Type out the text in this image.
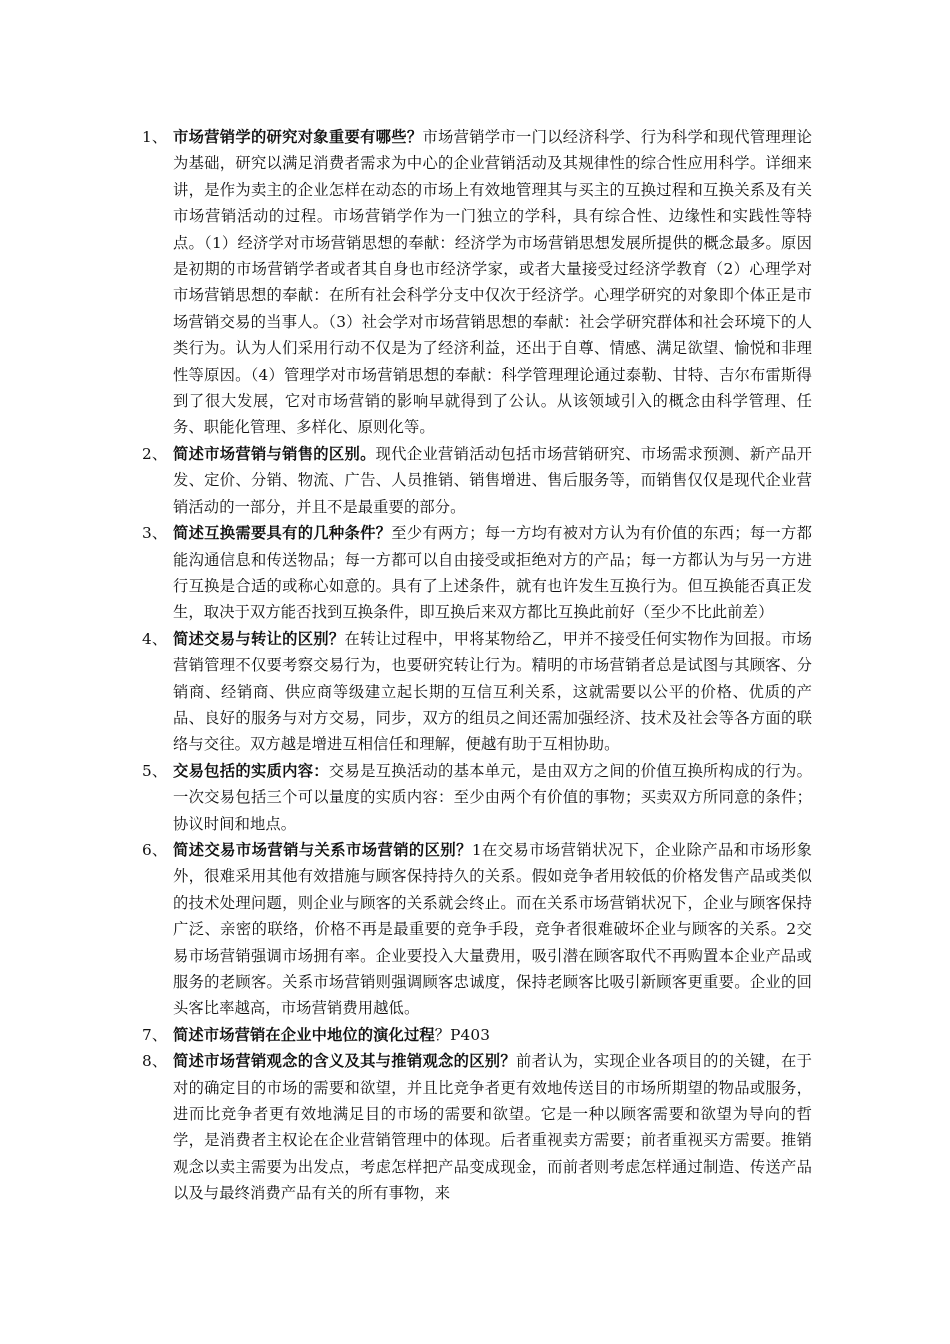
1、 市场营销学的研究对象重要有哪些？市场营销学市一门以经济科学、行为科学和现代管理理论为基础，研究以满足消费者需求为中心的企业营销活动及其规律性的综合性应用科学。详细来讲，是作为卖主的企业怎样在动态的市场上有效地管理其与买主的互换过程和互换关系及有关市场营销活动的过程。市场营销学作为一门独立的学科，具有综合性、边缘性和实践性等特点。（1）经济学对市场营销思想的奉献：经济学为市场营销思想发展所提供的概念最多。原因是初期的市场营销学者或者其自身也市经济学家，或者大量接受过经济学教育（2）心理学对市场营销思想的奉献：在所有社会科学分支中仅次于经济学。心理学研究的对象即个体正是市场营销交易的当事人。（3）社会学对市场营销思想的奉献：社会学研究群体和社会环境下的人类行为。认为人们采用行动不仅是为了经济利益，还出于自尊、情感、满足欲望、愉悦和非理性等原因。（4）管理学对市场营销思想的奉献：科学管理理论通过泰勒、甘特、吉尔布雷斯得到了很大发展，它对市场营销的影响早就得到了公认。从该领域引入的概念由科学管理、任务、职能化管理、多样化、原则化等。
2、 简述市场营销与销售的区别。现代企业营销活动包括市场营销研究、市场需求预测、新产品开发、定价、分销、物流、广告、人员推销、销售增进、售后服务等，而销售仅仅是现代企业营销活动的一部分，并且不是最重要的部分。
3、 简述互换需要具有的几种条件？至少有两方；每一方均有被对方认为有价值的东西；每一方都能沟通信息和传送物品；每一方都可以自由接受或拒绝对方的产品；每一方都认为与另一方进行互换是合适的或称心如意的。具有了上述条件，就有也许发生互换行为。但互换能否真正发生，取决于双方能否找到互换条件，即互换后来双方都比互换此前好（至少不比此前差）
4、 简述交易与转让的区别？在转让过程中，甲将某物给乙，甲并不接受任何实物作为回报。市场营销管理不仅要考察交易行为，也要研究转让行为。精明的市场营销者总是试图与其顾客、分销商、经销商、供应商等级建立起长期的互信互利关系，这就需要以公平的价格、优质的产品、良好的服务与对方交易，同步，双方的组员之间还需加强经济、技术及社会等各方面的联络与交往。双方越是增进互相信任和理解，便越有助于互相协助。
5、 交易包括的实质内容：交易是互换活动的基本单元，是由双方之间的价值互换所构成的行为。一次交易包括三个可以量度的实质内容：至少由两个有价值的事物；买卖双方所同意的条件；协议时间和地点。
6、 简述交易市场营销与关系市场营销的区别？1在交易市场营销状况下，企业除产品和市场形象外，很难采用其他有效措施与顾客保持持久的关系。假如竞争者用较低的价格发售产品或类似的技术处理问题，则企业与顾客的关系就会终止。而在关系市场营销状况下，企业与顾客保持广泛、亲密的联络，价格不再是最重要的竞争手段，竞争者很难破坏企业与顾客的关系。2交易市场营销强调市场拥有率。企业要投入大量费用，吸引潜在顾客取代不再购置本企业产品或服务的老顾客。关系市场营销则强调顾客忠诚度，保持老顾客比吸引新顾客更重要。企业的回头客比率越高，市场营销费用越低。
7、 简述市场营销在企业中地位的演化过程？P403
8、 简述市场营销观念的含义及其与推销观念的区别？前者认为，实现企业各项目的的关键，在于对的确定目的市场的需要和欲望，并且比竞争者更有效地传送目的市场所期望的物品或服务，进而比竞争者更有效地满足目的市场的需要和欲望。它是一种以顾客需要和欲望为导向的哲学，是消费者主权论在企业营销管理中的体现。后者重视卖方需要；前者重视买方需要。推销观念以卖主需要为出发点，考虑怎样把产品变成现金，而前者则考虑怎样通过制造、传送产品以及与最终消费产品有关的所有事物，来
